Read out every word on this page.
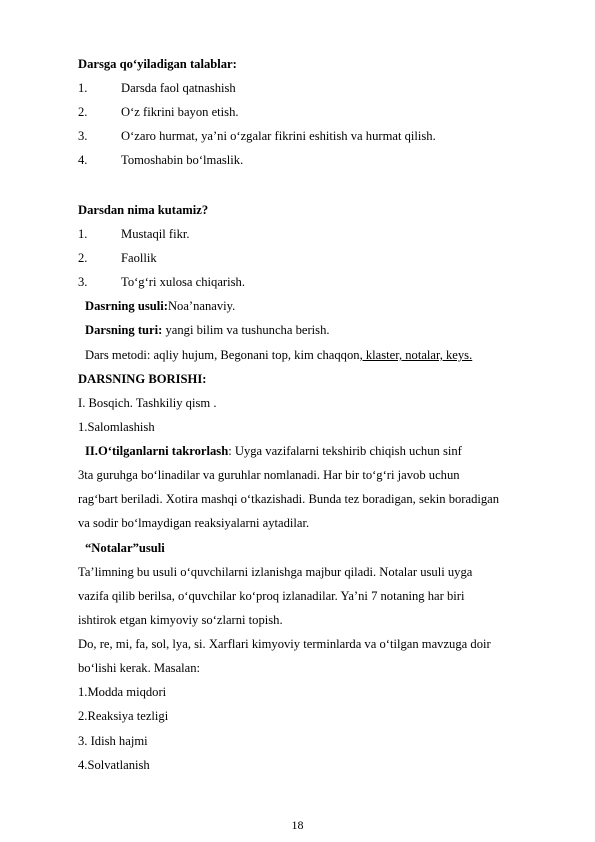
Darsga qo‘yiladigan talablar:
1.	Darsda faol qatnashish
2.	O‘z fikrini bayon etish.
3.	O‘zaro hurmat, ya’ni o‘zgalar fikrini eshitish va hurmat qilish.
4.	Tomoshabin bo‘lmaslik.
Darsdan nima kutamiz?
1.	Mustaqil fikr.
2.	Faollik
3.	To‘g‘ri xulosa chiqarish.
Dasrning usuli:Noa’nanaviy.
Darsning turi: yangi bilim va tushuncha berish.
Dars metodi: aqliy hujum, Begonani top, kim chaqqon, klaster, notalar, keys.
DARSNING BORISHI:
I. Bosqich. Tashkiliy qism .
1.Salomlashish
II.O‘tilganlarni takrorlash: Uyga vazifalarni tekshirib chiqish uchun sinf
3ta guruhga bo‘linadilar va guruhlar nomlanadi. Har bir to‘g‘ri javob uchun
rag‘bart beriladi. Xotira mashqi o‘tkazishadi. Bunda tez boradigan, sekin boradigan
va sodir bo‘lmaydigan reaksiyalarni aytadilar.
“Notalar”usuli
Ta’limning bu usuli o‘quvchilarni izlanishga majbur qiladi. Notalar usuli uyga
vazifa qilib berilsa, o‘quvchilar ko‘proq izlanadilar. Ya’ni 7 notaning har biri
ishtirok etgan kimyoviy so‘zlarni topish.
Do, re, mi, fa, sol, lya, si. Xarflari kimyoviy terminlarda va o‘tilgan mavzuga doir
bo‘lishi kerak. Masalan:
1.Modda miqdori
2.Reaksiya tezligi
3. Idish hajmi
4.Solvatlanish
18
